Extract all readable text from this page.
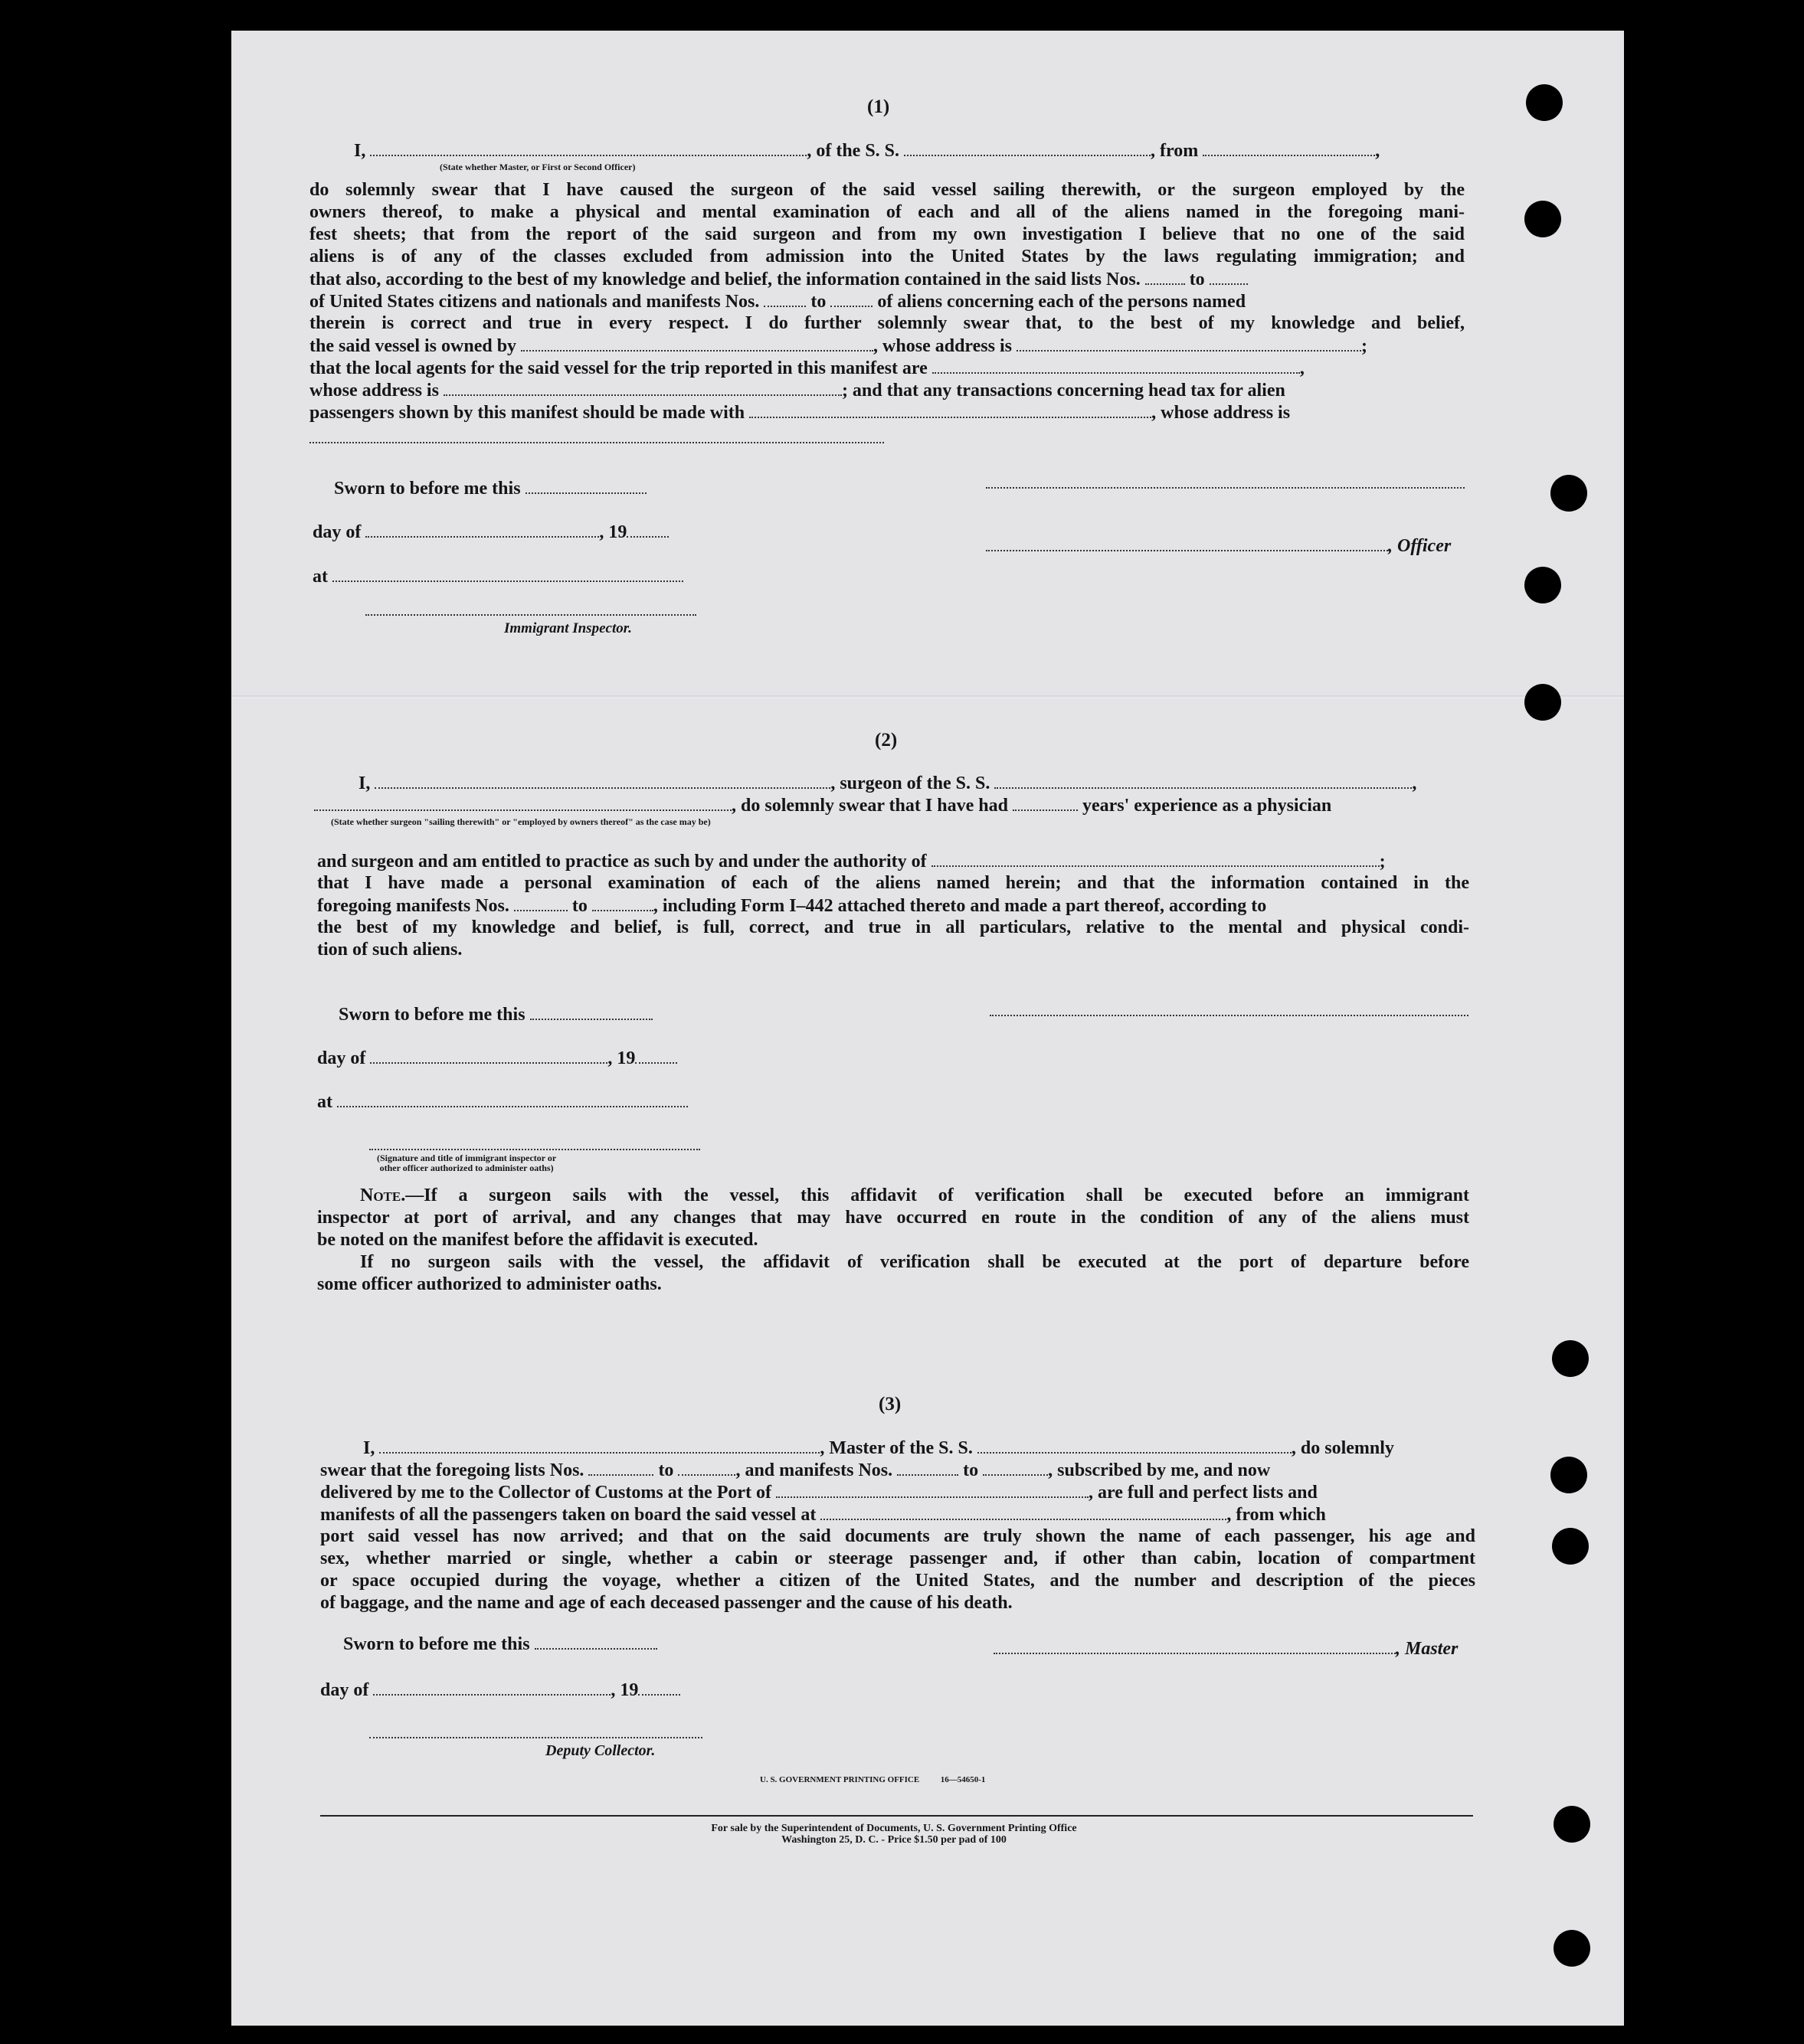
(1)
I,	, of the S. S.	, from	,
(State whether Master, or First or Second Officer)
do solemnly swear that I have caused the surgeon of the said vessel sailing therewith, or the surgeon employed by the
owners thereof, to make a physical and mental examination of each and all of the aliens named in the foregoing mani-
fest sheets; that from the report of the said surgeon and from my own investigation I believe that no one of the said
aliens is of any of the classes excluded from admission into the United States by the laws regulating immigration; and
that also, according to the best of my knowledge and belief, the information contained in the said lists Nos.	to
of United States citizens and nationals and manifests Nos.	to	of aliens concerning each of the persons named
therein is correct and true in every respect. I do further solemnly swear that, to the best of my knowledge and belief,
the said vessel is owned by	, whose address is	;
that the local agents for the said vessel for the trip reported in this manifest are	,
whose address is	; and that any transactions concerning head tax for alien
passengers shown by this manifest should be made with	, whose address is
Sworn to before me this
day of	, 19
, Officer
at
Immigrant Inspector.
(2)
I,	, surgeon of the S. S.	,
, do solemnly swear that I have had	years' experience as a physician
(State whether surgeon "sailing therewith" or "employed by owners thereof" as the case may be)
and surgeon and am entitled to practice as such by and under the authority of	;
that I have made a personal examination of each of the aliens named herein; and that the information contained in the
foregoing manifests Nos.	to	, including Form I–442 attached thereto and made a part thereof, according to
the best of my knowledge and belief, is full, correct, and true in all particulars, relative to the mental and physical condi-
tion of such aliens.
Sworn to before me this
day of	, 19
at
(Signature and title of immigrant inspector or
other officer authorized to administer oaths)
Note.—If a surgeon sails with the vessel, this affidavit of verification shall be executed before an immigrant
inspector at port of arrival, and any changes that may have occurred en route in the condition of any of the aliens must
be noted on the manifest before the affidavit is executed.
If no surgeon sails with the vessel, the affidavit of verification shall be executed at the port of departure before
some officer authorized to administer oaths.
(3)
I,	, Master of the S. S.	, do solemnly
swear that the foregoing lists Nos.	to	, and manifests Nos.	to	, subscribed by me, and now
delivered by me to the Collector of Customs at the Port of	, are full and perfect lists and
manifests of all the passengers taken on board the said vessel at	, from which
port said vessel has now arrived; and that on the said documents are truly shown the name of each passenger, his age and
sex, whether married or single, whether a cabin or steerage passenger and, if other than cabin, location of compartment
or space occupied during the voyage, whether a citizen of the United States, and the number and description of the pieces
of baggage, and the name and age of each deceased passenger and the cause of his death.
Sworn to before me this	, Master
day of	, 19
Deputy Collector.
U. S. GOVERNMENT PRINTING OFFICE          16—54650-1
For sale by the Superintendent of Documents, U. S. Government Printing Office
Washington 25, D. C. - Price $1.50 per pad of 100
